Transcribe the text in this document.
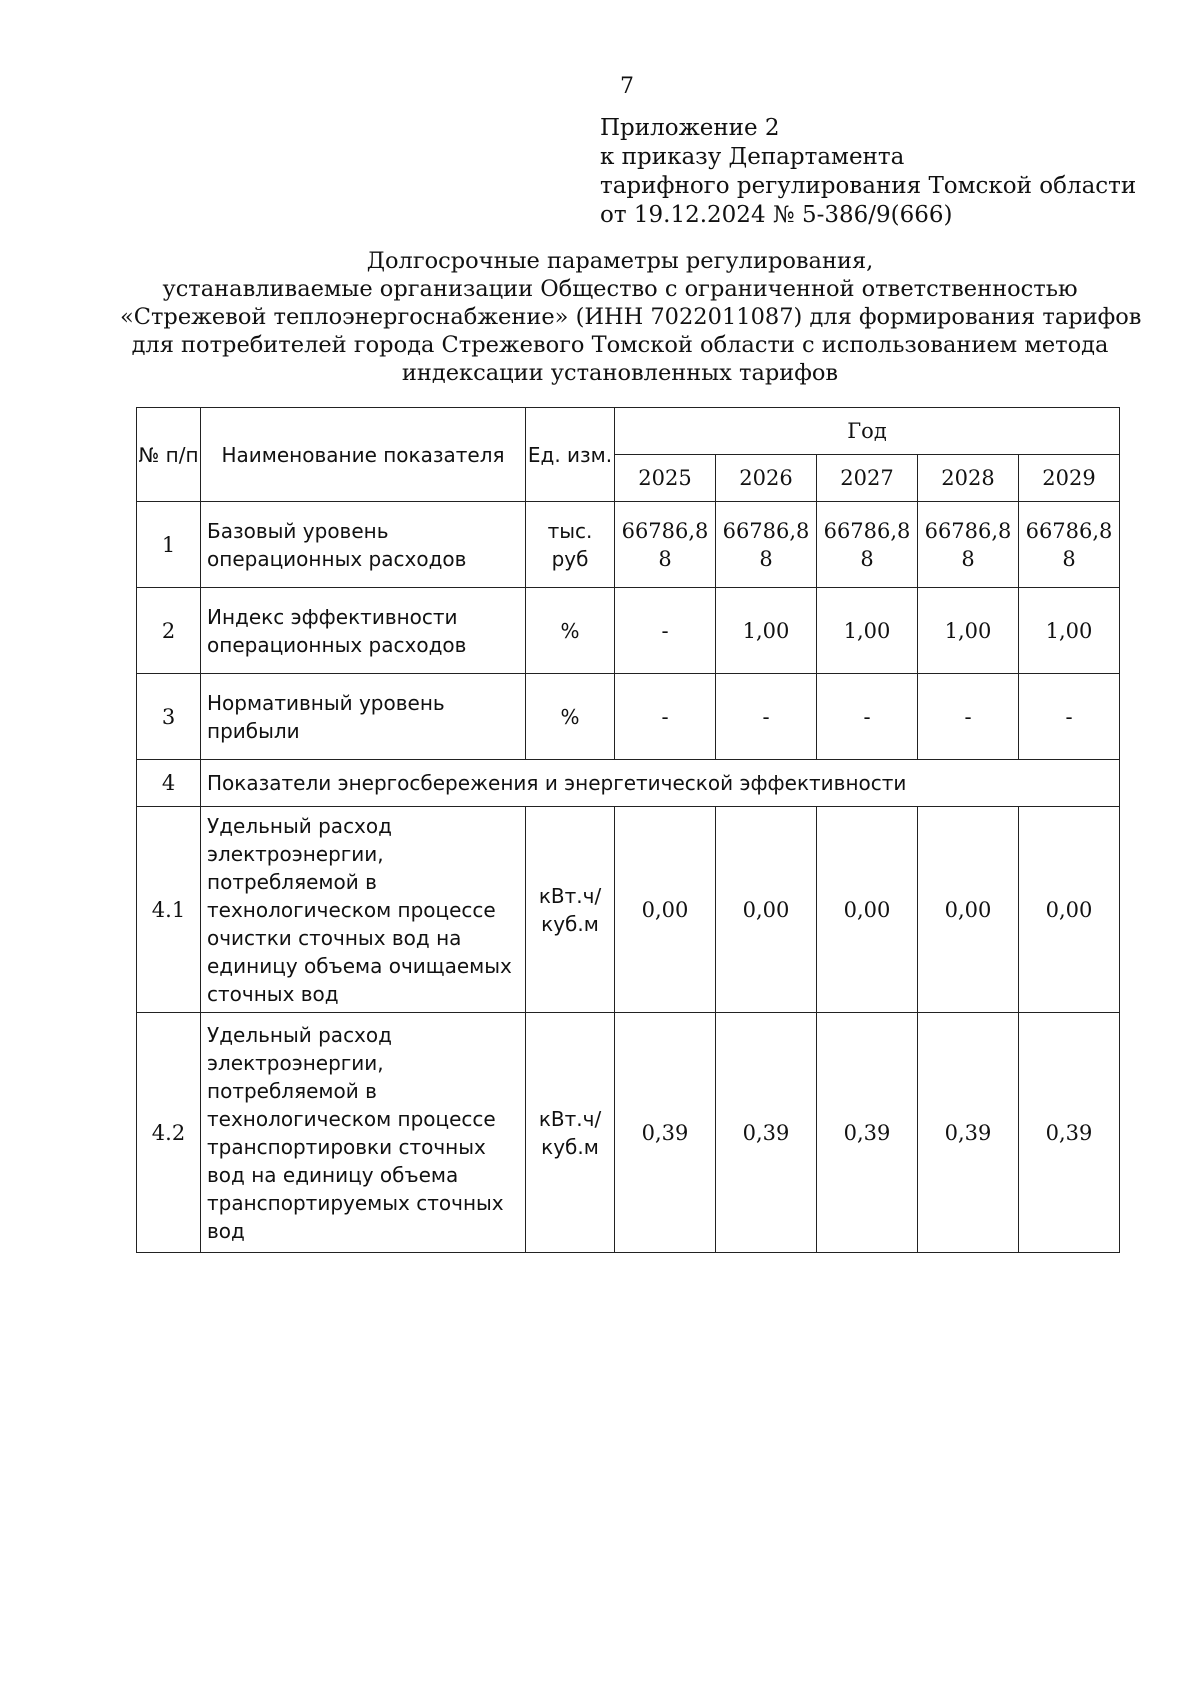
7
Приложение 2
к приказу Департамента
тарифного регулирования Томской области
от 19.12.2024 № 5-386/9(666)
Долгосрочные параметры регулирования,
устанавливаемые организации Общество с ограниченной ответственностью
«Стрежевой теплоэнергоснабжение» (ИНН 7022011087) для формирования тарифов
для потребителей города Стрежевого Томской области с использованием метода
индексации установленных тарифов
№ п/п	Наименование показателя	Ед. изм.	Год				
			2025	2026	2027	2028	2029
1	Базовый уровень операционных расходов	тыс. руб	66786,88	66786,88	66786,88	66786,88	66786,88
2	Индекс эффективности операционных расходов	%	-	1,00	1,00	1,00	1,00
3	Нормативный уровень прибыли	%	-	-	-	-	-
4	Показатели энергосбережения и энергетической эффективности						
4.1	Удельный расход электроэнергии, потребляемой в технологическом процессе очистки сточных вод на единицу объема очищаемых сточных вод	кВт.ч/ куб.м	0,00	0,00	0,00	0,00	0,00
4.2	Удельный расход электроэнергии, потребляемой в технологическом процессе транспортировки сточных вод на единицу объема транспортируемых сточных вод	кВт.ч/ куб.м	0,39	0,39	0,39	0,39	0,39
